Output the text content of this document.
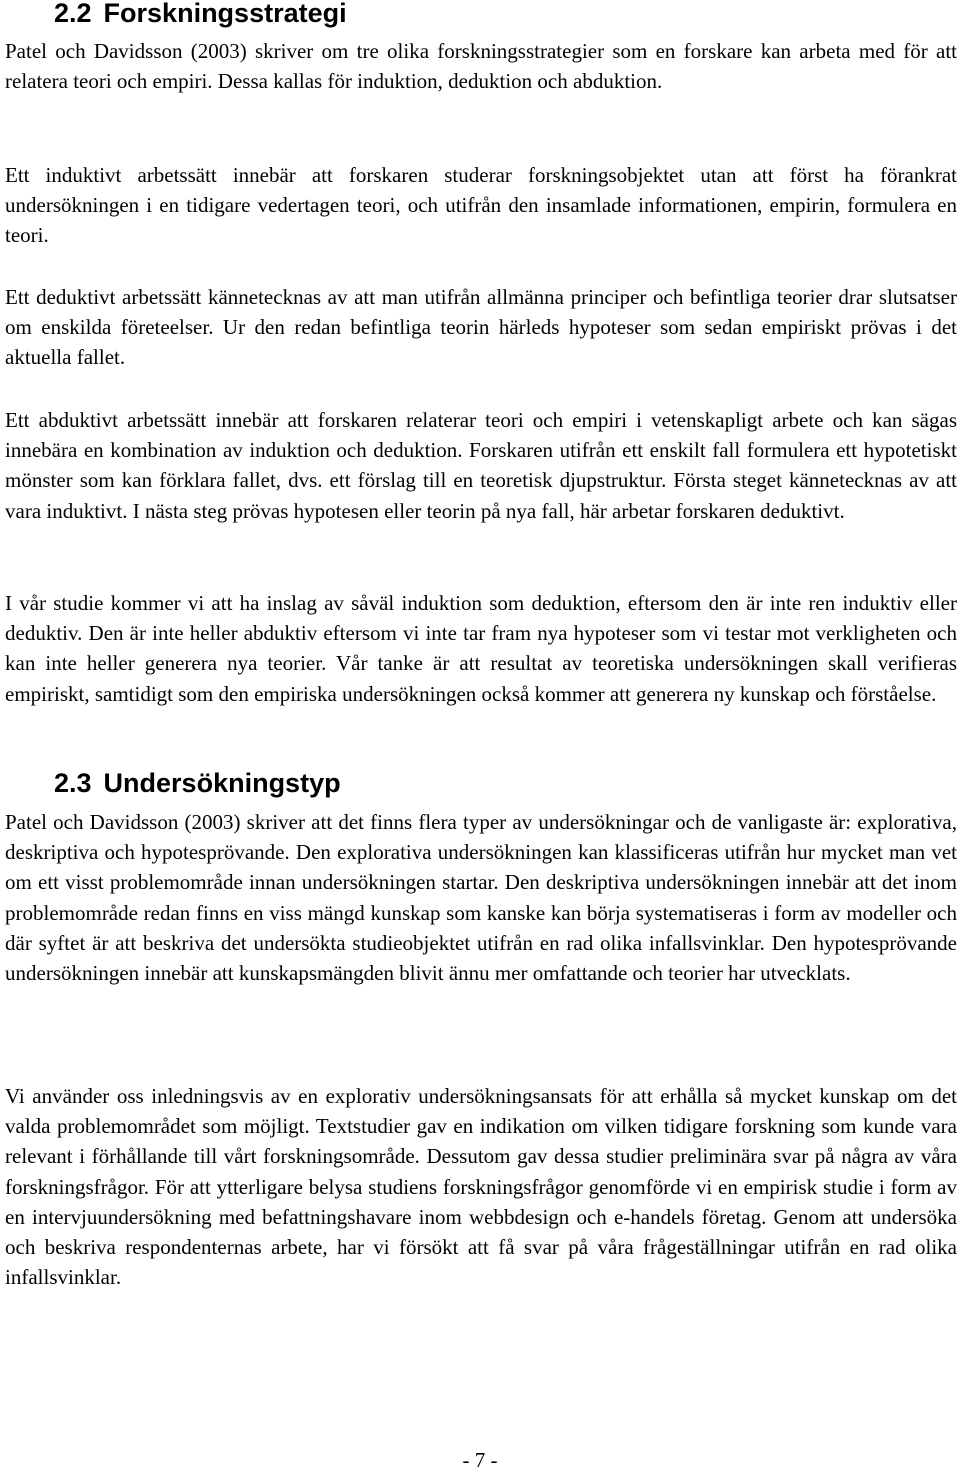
2.2 Forskningsstrategi

Patel och Davidsson (2003) skriver om tre olika forskningsstrategier som en forskare kan arbeta med för att relatera teori och empiri. Dessa kallas för induktion, deduktion och abduktion.

Ett induktivt arbetssätt innebär att forskaren studerar forskningsobjektet utan att först ha förankrat undersökningen i en tidigare vedertagen teori, och utifrån den insamlade informationen, empirin, formulera en teori.

Ett deduktivt arbetssätt kännetecknas av att man utifrån allmänna principer och befintliga teorier drar slutsatser om enskilda företeelser. Ur den redan befintliga teorin härleds hypoteser som sedan empiriskt prövas i det aktuella fallet.

Ett abduktivt arbetssätt innebär att forskaren relaterar teori och empiri i vetenskapligt arbete och kan sägas innebära en kombination av induktion och deduktion. Forskaren utifrån ett enskilt fall formulera ett hypotetiskt mönster som kan förklara fallet, dvs. ett förslag till en teoretisk djupstruktur. Första steget kännetecknas av att vara induktivt. I nästa steg prövas hypotesen eller teorin på nya fall, här arbetar forskaren deduktivt.

I vår studie kommer vi att ha inslag av såväl induktion som deduktion, eftersom den är inte ren induktiv eller deduktiv. Den är inte heller abduktiv eftersom vi inte tar fram nya hypoteser som vi testar mot verkligheten och kan inte heller generera nya teorier. Vår tanke är att resultat av teoretiska undersökningen skall verifieras empiriskt, samtidigt som den empiriska undersökningen också kommer att generera ny kunskap och förståelse.

2.3 Undersökningstyp

Patel och Davidsson (2003) skriver att det finns flera typer av undersökningar och de vanligaste är: explorativa, deskriptiva och hypotesprövande. Den explorativa undersökningen kan klassificeras utifrån hur mycket man vet om ett visst problemområde innan undersökningen startar. Den deskriptiva undersökningen innebär att det inom problemområde redan finns en viss mängd kunskap som kanske kan börja systematiseras i form av modeller och där syftet är att beskriva det undersökta studieobjektet utifrån en rad olika infallsvinklar. Den hypotesprövande undersökningen innebär att kunskapsmängden blivit ännu mer omfattande och teorier har utvecklats.

Vi använder oss inledningsvis av en explorativ undersökningsansats för att erhålla så mycket kunskap om det valda problemområdet som möjligt. Textstudier gav en indikation om vilken tidigare forskning som kunde vara relevant i förhållande till vårt forskningsområde. Dessutom gav dessa studier preliminära svar på några av våra forskningsfrågor. För att ytterligare belysa studiens forskningsfrågor genomförde vi en empirisk studie i form av en intervjuundersökning med befattningshavare inom webbdesign och e-handels företag. Genom att undersöka och beskriva respondenternas arbete, har vi försökt att få svar på våra frågeställningar utifrån en rad olika infallsvinklar.

- 7 -
